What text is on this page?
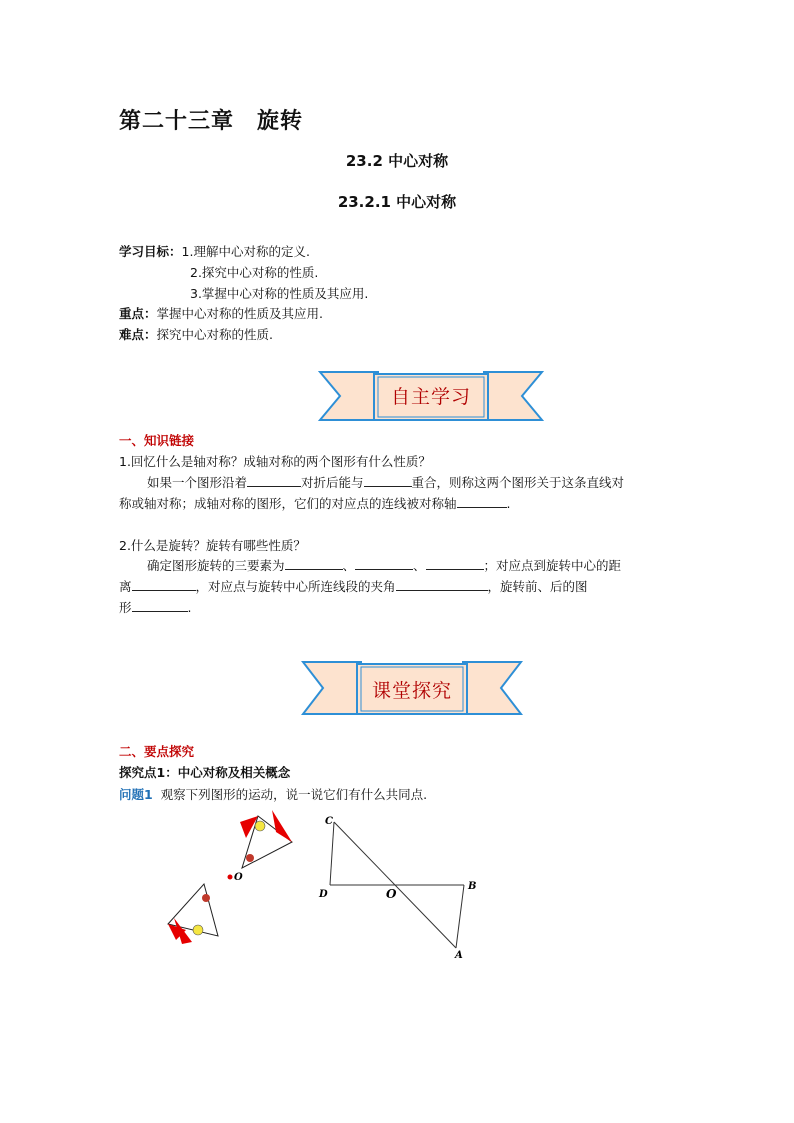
第二十三章　旋转
23.2 中心对称
23.2.1 中心对称
学习目标：1.理解中心对称的定义.
2.探究中心对称的性质.
3.掌握中心对称的性质及其应用.
重点：掌握中心对称的性质及其应用.
难点：探究中心对称的性质.
自主学习
一、知识链接
1.回忆什么是轴对称？成轴对称的两个图形有什么性质？
如果一个图形沿着	对折后能与	重合，则称这两个图形关于这条直线对
称或轴对称；成轴对称的图形，它们的对应点的连线被对称轴	.
2.什么是旋转？旋转有哪些性质？
确定图形旋转的三要素为	、	、	；对应点到旋转中心的距
离	，对应点与旋转中心所连线段的夹角	，旋转前、后的图
形	.
课堂探究
二、要点探究
探究点1：中心对称及相关概念
问题1 观察下列图形的运动，说一说它们有什么共同点.
O
C
D	O
B
A
